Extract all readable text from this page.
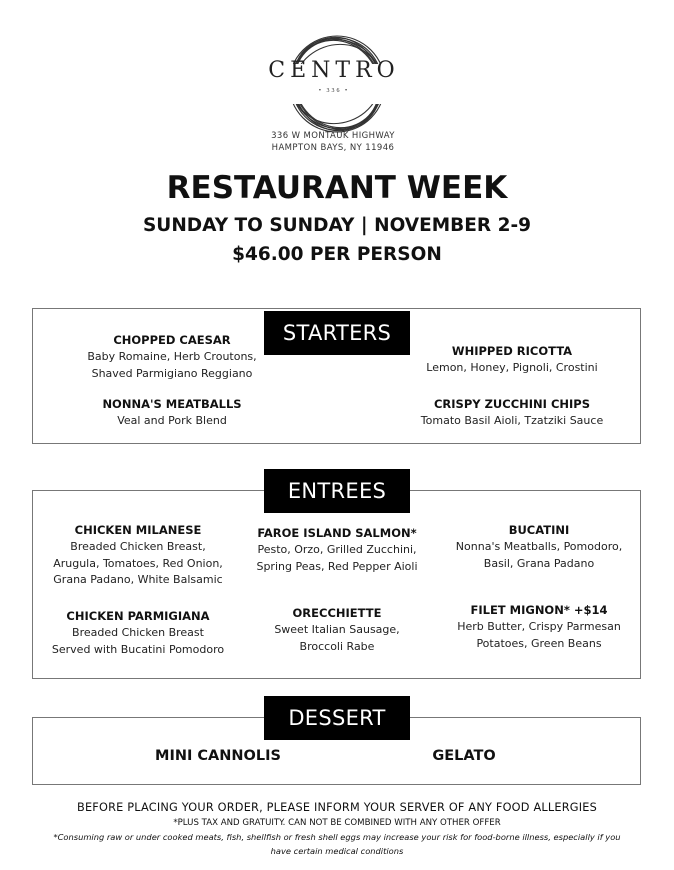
CENTRO
• 336 •
336 W MONTAUK HIGHWAY
HAMPTON BAYS, NY 11946
RESTAURANT WEEK
SUNDAY TO SUNDAY | NOVEMBER 2-9
$46.00 PER PERSON
STARTERS
CHOPPED CAESAR
Baby Romaine, Herb Croutons,
Shaved Parmigiano Reggiano
WHIPPED RICOTTA
Lemon, Honey, Pignoli, Crostini
NONNA'S MEATBALLS
Veal and Pork Blend
CRISPY ZUCCHINI CHIPS
Tomato Basil Aioli, Tzatziki Sauce
ENTREES
CHICKEN MILANESE
Breaded Chicken Breast,
Arugula, Tomatoes, Red Onion,
Grana Padano, White Balsamic
FAROE ISLAND SALMON*
Pesto, Orzo, Grilled Zucchini,
Spring Peas, Red Pepper Aioli
BUCATINI
Nonna's Meatballs, Pomodoro,
Basil, Grana Padano
CHICKEN PARMIGIANA
Breaded Chicken Breast
Served with Bucatini Pomodoro
ORECCHIETTE
Sweet Italian Sausage,
Broccoli Rabe
FILET MIGNON* +$14
Herb Butter, Crispy Parmesan
Potatoes, Green Beans
DESSERT
MINI CANNOLIS	GELATO
BEFORE PLACING YOUR ORDER, PLEASE INFORM YOUR SERVER OF ANY FOOD ALLERGIES
*PLUS TAX AND GRATUITY. CAN NOT BE COMBINED WITH ANY OTHER OFFER
*Consuming raw or under cooked meats, fish, shellfish or fresh shell eggs may increase your risk for food-borne illness, especially if you
have certain medical conditions
